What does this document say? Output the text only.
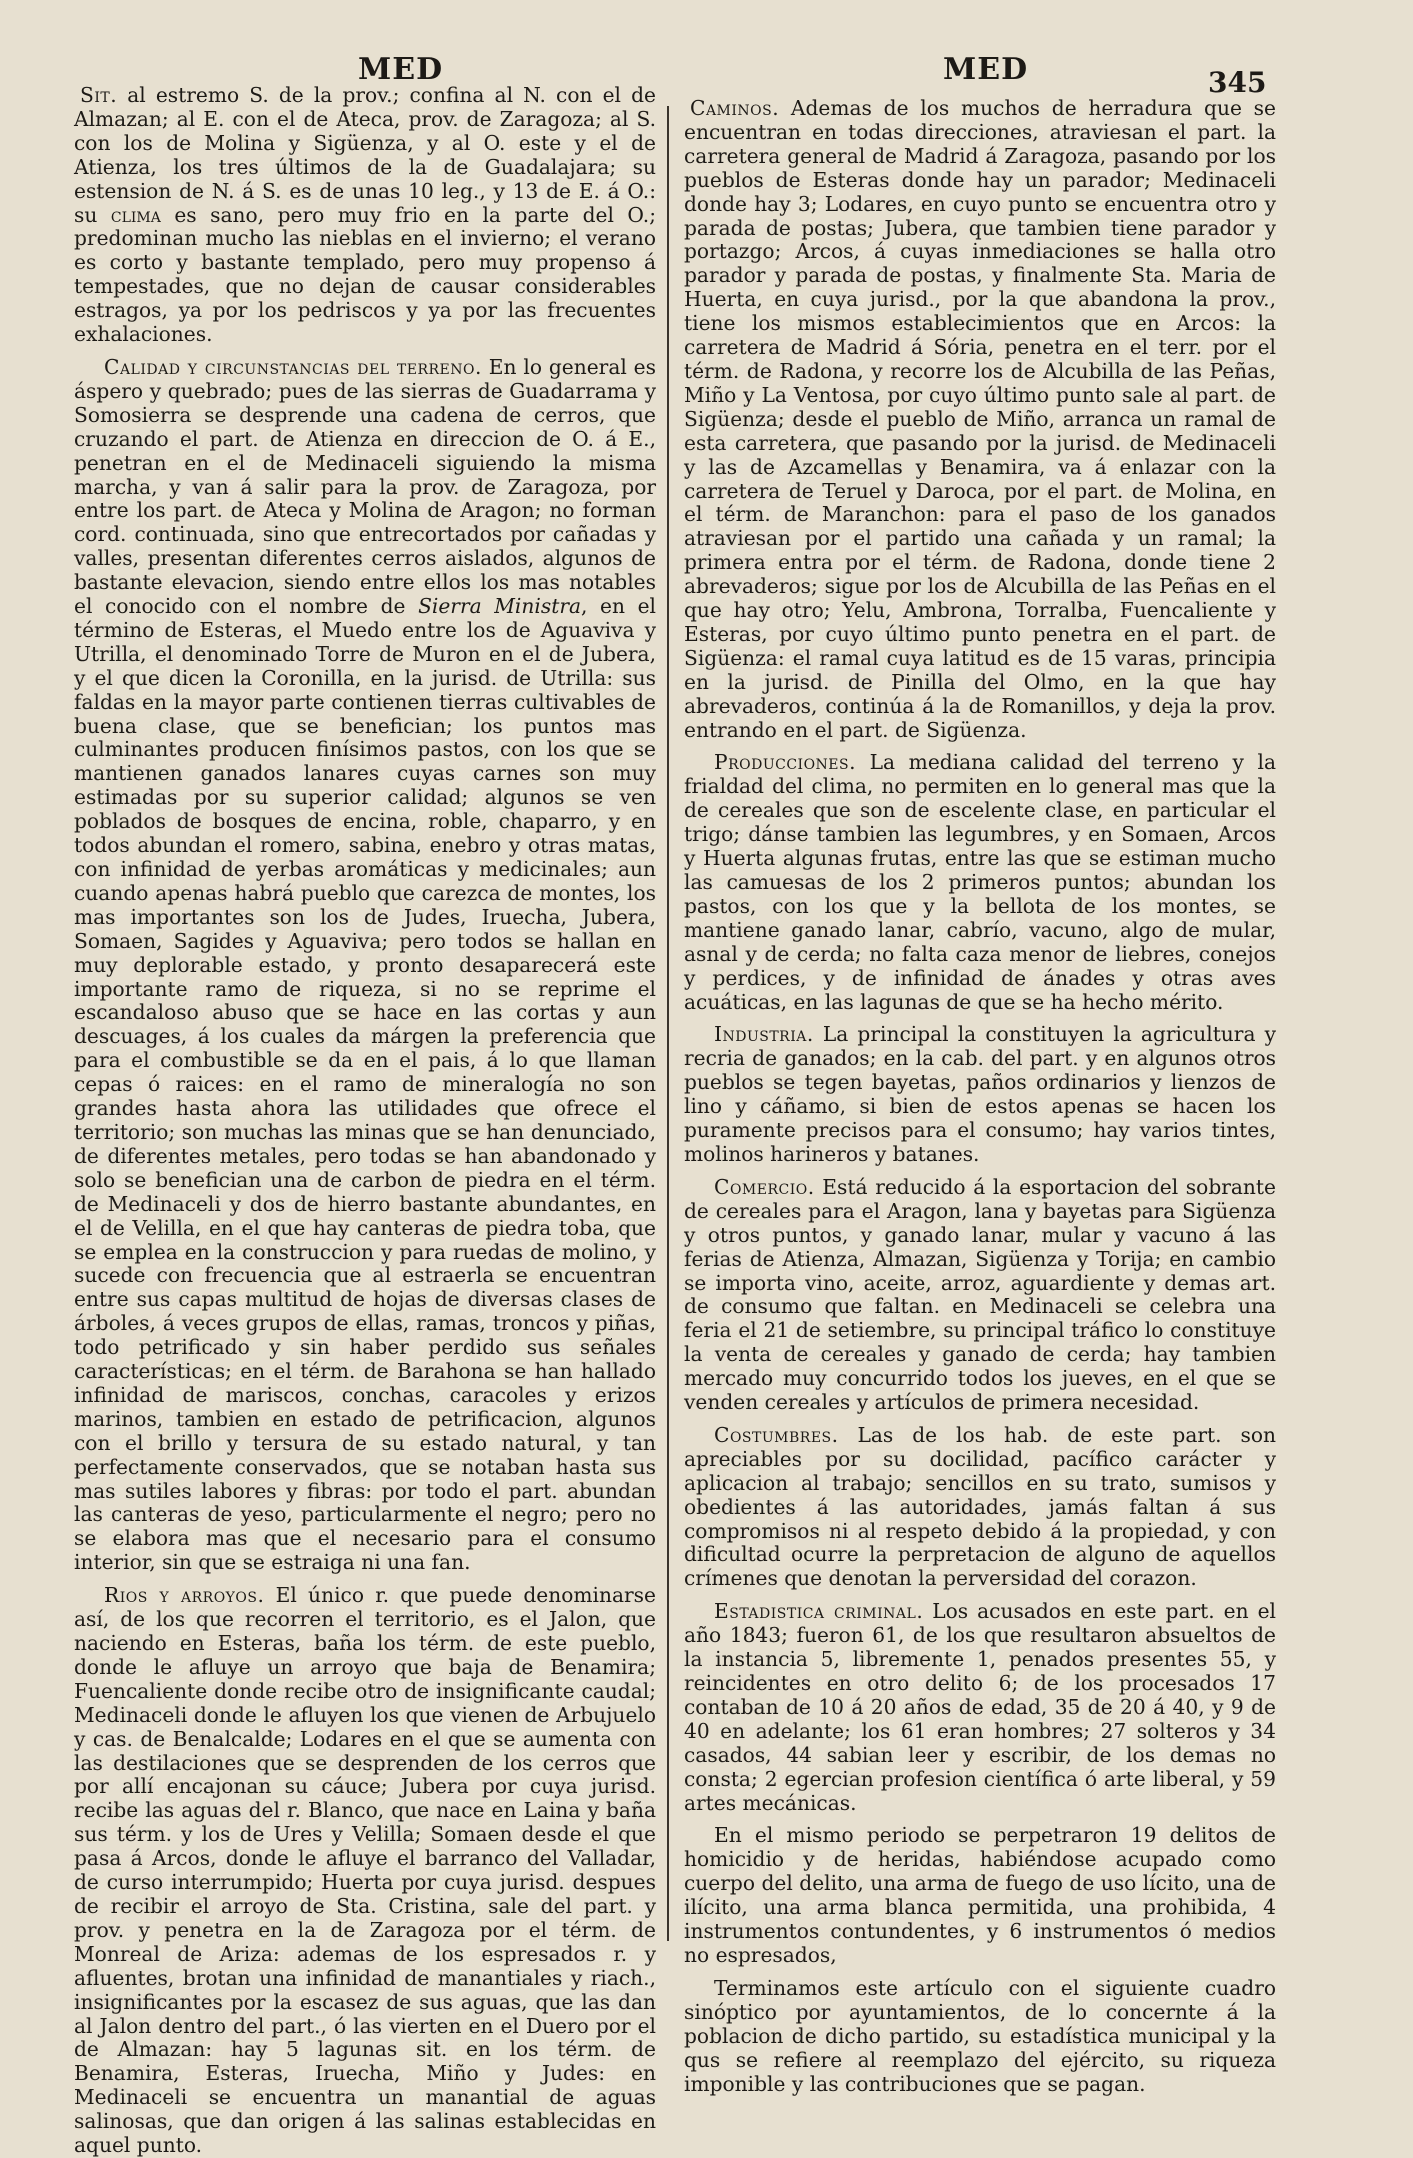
MED	MED	345

Sit. al estremo S. de la prov.; confina al N. con el de Almazan; al E. con el de Ateca, prov. de Zaragoza; al S. con los de Molina y Sigüenza, y al O. este y el de Atienza, los tres últimos de la de Guadalajara; su estension de N. á S. es de unas 10 leg., y 13 de E. á O.: su clima es sano, pero muy frio en la parte del O.; predominan mucho las nieblas en el invierno; el verano es corto y bastante templado, pero muy propenso á tempestades, que no dejan de causar considerables estragos, ya por los pedriscos y ya por las frecuentes exhalaciones.

Calidad y circunstancias del terreno. En lo general es áspero y quebrado; pues de las sierras de Guadarrama y Somosierra se desprende una cadena de cerros, que cruzando el part. de Atienza en direccion de O. á E., penetran en el de Medinaceli siguiendo la misma marcha, y van á salir para la prov. de Zaragoza, por entre los part. de Ateca y Molina de Aragon; no forman cord. continuada, sino que entrecortados por cañadas y valles, presentan diferentes cerros aislados, algunos de bastante elevacion, siendo entre ellos los mas notables el conocido con el nombre de Sierra Ministra, en el término de Esteras, el Muedo entre los de Aguaviva y Utrilla, el denominado Torre de Muron en el de Jubera, y el que dicen la Coronilla, en la jurisd. de Utrilla: sus faldas en la mayor parte contienen tierras cultivables de buena clase, que se benefician; los puntos mas culminantes producen finísimos pastos, con los que se mantienen ganados lanares cuyas carnes son muy estimadas por su superior calidad; algunos se ven poblados de bosques de encina, roble, chaparro, y en todos abundan el romero, sabina, enebro y otras matas, con infinidad de yerbas aromáticas y medicinales; aun cuando apenas habrá pueblo que carezca de montes, los mas importantes son los de Judes, Iruecha, Jubera, Somaen, Sagides y Aguaviva; pero todos se hallan en muy deplorable estado, y pronto desaparecerá este importante ramo de riqueza, si no se reprime el escandaloso abuso que se hace en las cortas y aun descuages, á los cuales da márgen la preferencia que para el combustible se da en el pais, á lo que llaman cepas ó raices: en el ramo de mineralogía no son grandes hasta ahora las utilidades que ofrece el territorio; son muchas las minas que se han denunciado, de diferentes metales, pero todas se han abandonado y solo se benefician una de carbon de piedra en el térm. de Medinaceli y dos de hierro bastante abundantes, en el de Velilla, en el que hay canteras de piedra toba, que se emplea en la construccion y para ruedas de molino, y sucede con frecuencia que al estraerla se encuentran entre sus capas multitud de hojas de diversas clases de árboles, á veces grupos de ellas, ramas, troncos y piñas, todo petrificado y sin haber perdido sus señales características; en el térm. de Barahona se han hallado infinidad de mariscos, conchas, caracoles y erizos marinos, tambien en estado de petrificacion, algunos con el brillo y tersura de su estado natural, y tan perfectamente conservados, que se notaban hasta sus mas sutiles labores y fibras: por todo el part. abundan las canteras de yeso, particularmente el negro; pero no se elabora mas que el necesario para el consumo interior, sin que se estraiga ni una fan.

Rios y arroyos. El único r. que puede denominarse así, de los que recorren el territorio, es el Jalon, que naciendo en Esteras, baña los térm. de este pueblo, donde le afluye un arroyo que baja de Benamira; Fuencaliente donde recibe otro de insignificante caudal; Medinaceli donde le afluyen los que vienen de Arbujuelo y cas. de Benalcalde; Lodares en el que se aumenta con las destilaciones que se desprenden de los cerros que por allí encajonan su cáuce; Jubera por cuya jurisd. recibe las aguas del r. Blanco, que nace en Laina y baña sus térm. y los de Ures y Velilla; Somaen desde el que pasa á Arcos, donde le afluye el barranco del Valladar, de curso interrumpido; Huerta por cuya jurisd. despues de recibir el arroyo de Sta. Cristina, sale del part. y prov. y penetra en la de Zaragoza por el térm. de Monreal de Ariza: ademas de los espresados r. y afluentes, brotan una infinidad de manantiales y riach., insignificantes por la escasez de sus aguas, que las dan al Jalon dentro del part., ó las vierten en el Duero por el de Almazan: hay 5 lagunas sit. en los térm. de Benamira, Esteras, Iruecha, Miño y Judes: en Medinaceli se encuentra un manantial de aguas salinosas, que dan origen á las salinas establecidas en aquel punto.

Caminos. Ademas de los muchos de herradura que se encuentran en todas direcciones, atraviesan el part. la carretera general de Madrid á Zaragoza, pasando por los pueblos de Esteras donde hay un parador; Medinaceli donde hay 3; Lodares, en cuyo punto se encuentra otro y parada de postas; Jubera, que tambien tiene parador y portazgo; Arcos, á cuyas inmediaciones se halla otro parador y parada de postas, y finalmente Sta. Maria de Huerta, en cuya jurisd., por la que abandona la prov., tiene los mismos establecimientos que en Arcos: la carretera de Madrid á Sória, penetra en el terr. por el térm. de Radona, y recorre los de Alcubilla de las Peñas, Miño y La Ventosa, por cuyo último punto sale al part. de Sigüenza; desde el pueblo de Miño, arranca un ramal de esta carretera, que pasando por la jurisd. de Medinaceli y las de Azcamellas y Benamira, va á enlazar con la carretera de Teruel y Daroca, por el part. de Molina, en el térm. de Maranchon: para el paso de los ganados atraviesan por el partido una cañada y un ramal; la primera entra por el térm. de Radona, donde tiene 2 abrevaderos; sigue por los de Alcubilla de las Peñas en el que hay otro; Yelu, Ambrona, Torralba, Fuencaliente y Esteras, por cuyo último punto penetra en el part. de Sigüenza: el ramal cuya latitud es de 15 varas, principia en la jurisd. de Pinilla del Olmo, en la que hay abrevaderos, continúa á la de Romanillos, y deja la prov. entrando en el part. de Sigüenza.

Producciones. La mediana calidad del terreno y la frialdad del clima, no permiten en lo general mas que la de cereales que son de escelente clase, en particular el trigo; dánse tambien las legumbres, y en Somaen, Arcos y Huerta algunas frutas, entre las que se estiman mucho las camuesas de los 2 primeros puntos; abundan los pastos, con los que y la bellota de los montes, se mantiene ganado lanar, cabrío, vacuno, algo de mular, asnal y de cerda; no falta caza menor de liebres, conejos y perdices, y de infinidad de ánades y otras aves acuáticas, en las lagunas de que se ha hecho mérito.

Industria. La principal la constituyen la agricultura y recria de ganados; en la cab. del part. y en algunos otros pueblos se tegen bayetas, paños ordinarios y lienzos de lino y cáñamo, si bien de estos apenas se hacen los puramente precisos para el consumo; hay varios tintes, molinos harineros y batanes.

Comercio. Está reducido á la esportacion del sobrante de cereales para el Aragon, lana y bayetas para Sigüenza y otros puntos, y ganado lanar, mular y vacuno á las ferias de Atienza, Almazan, Sigüenza y Torija; en cambio se importa vino, aceite, arroz, aguardiente y demas art. de consumo que faltan. en Medinaceli se celebra una feria el 21 de setiembre, su principal tráfico lo constituye la venta de cereales y ganado de cerda; hay tambien mercado muy concurrido todos los jueves, en el que se venden cereales y artículos de primera necesidad.

Costumbres. Las de los hab. de este part. son apreciables por su docilidad, pacífico carácter y aplicacion al trabajo; sencillos en su trato, sumisos y obedientes á las autoridades, jamás faltan á sus compromisos ni al respeto debido á la propiedad, y con dificultad ocurre la perpretacion de alguno de aquellos crímenes que denotan la perversidad del corazon.

Estadistica criminal. Los acusados en este part. en el año 1843; fueron 61, de los que resultaron absueltos de la instancia 5, libremente 1, penados presentes 55, y reincidentes en otro delito 6; de los procesados 17 contaban de 10 á 20 años de edad, 35 de 20 á 40, y 9 de 40 en adelante; los 61 eran hombres; 27 solteros y 34 casados, 44 sabian leer y escribir, de los demas no consta; 2 egercian profesion científica ó arte liberal, y 59 artes mecánicas.

En el mismo periodo se perpetraron 19 delitos de homicidio y de heridas, habiéndose acupado como cuerpo del delito, una arma de fuego de uso lícito, una de ilícito, una arma blanca permitida, una prohibida, 4 instrumentos contundentes, y 6 instrumentos ó medios no espresados,

Terminamos este artículo con el siguiente cuadro sinóptico por ayuntamientos, de lo concernte á la poblacion de dicho partido, su estadística municipal y la qus se refiere al reemplazo del ejército, su riqueza imponible y las contribuciones que se pagan.
